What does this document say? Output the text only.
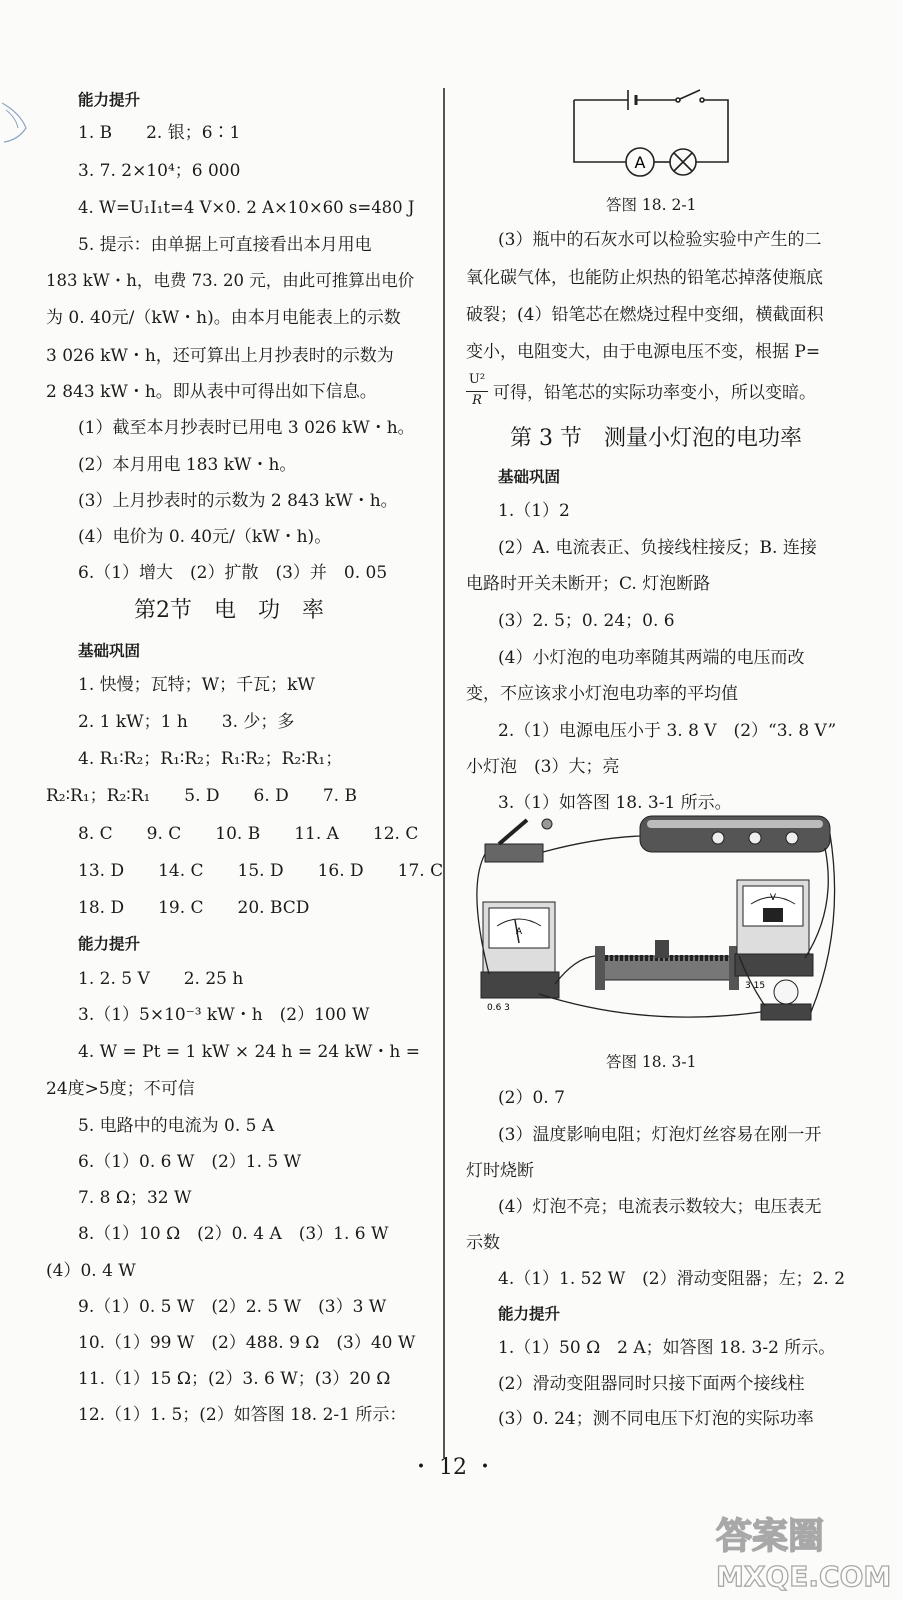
能力提升
1. B　　2. 银；6∶1
3. 7. 2×10⁴；6 000
4. W=U₁I₁t=4 V×0. 2 A×10×60 s=480 J
5. 提示：由单据上可直接看出本月用电
183 kW・h，电费 73. 20 元，由此可推算出电价
为 0. 40元/（kW・h)。由本月电能表上的示数
3 026 kW・h，还可算出上月抄表时的示数为
2 843 kW・h。即从表中可得出如下信息。
(1）截至本月抄表时已用电 3 026 kW・h。
(2）本月用电 183 kW・h。
(3）上月抄表时的示数为 2 843 kW・h。
(4）电价为 0. 40元/（kW・h)。
6.（1）增大　(2）扩散　(3）并　0. 05
第2节　电　功　率
基础巩固
1. 快慢；瓦特；W；千瓦；kW
2. 1 kW；1 h　　3. 少；多
4. R₁∶R₂；R₁∶R₂；R₁∶R₂；R₂∶R₁；
R₂∶R₁；R₂∶R₁　　5. D　　6. D　　7. B
8. C　　9. C　　10. B　　11. A　　12. C
13. D　　14. C　　15. D　　16. D　　17. C
18. D　　19. C　　20. BCD
能力提升
1. 2. 5 V　　2. 25 h
3.（1）5×10⁻³ kW・h　(2）100 W
4. W = Pt = 1 kW × 24 h = 24 kW・h =
24度>5度；不可信
5. 电路中的电流为 0. 5 A
6.（1）0. 6 W　(2）1. 5 W
7. 8 Ω；32 W
8.（1）10 Ω　(2）0. 4 A　(3）1. 6 W
(4）0. 4 W
9.（1）0. 5 W　(2）2. 5 W　(3）3 W
10.（1）99 W　(2）488. 9 Ω　(3）40 W
11.（1）15 Ω；(2）3. 6 W；(3）20 Ω
12.（1）1. 5；(2）如答图 18. 2-1 所示：
A
答图 18. 2-1
(3）瓶中的石灰水可以检验实验中产生的二
氧化碳气体，也能防止炽热的铅笔芯掉落使瓶底
破裂；(4）铅笔芯在燃烧过程中变细，横截面积
变小，电阻变大，由于电源电压不变，根据 P=
U²
R 可得，铅笔芯的实际功率变小，所以变暗。
第 3 节　测量小灯泡的电功率
基础巩固
1.（1）2
(2）A. 电流表正、负接线柱接反；B. 连接
电路时开关未断开；C. 灯泡断路
(3）2. 5；0. 24；0. 6
(4）小灯泡的电功率随其两端的电压而改
变，不应该求小灯泡电功率的平均值
2.（1）电源电压小于 3. 8 V　(2）“3. 8 V”
小灯泡　(3）大；亮
3.（1）如答图 18. 3-1 所示。
A
0.6 3
V
3 15
答图 18. 3-1
(2）0. 7
(3）温度影响电阻；灯泡灯丝容易在刚一开
灯时烧断
(4）灯泡不亮；电流表示数较大；电压表无
示数
4.（1）1. 52 W　(2）滑动变阻器；左；2. 2
能力提升
1.（1）50 Ω　2 A；如答图 18. 3-2 所示。
(2）滑动变阻器同时只接下面两个接线柱
(3）0. 24；测不同电压下灯泡的实际功率
・ 12 ・
答案圈
MXQE.COM
